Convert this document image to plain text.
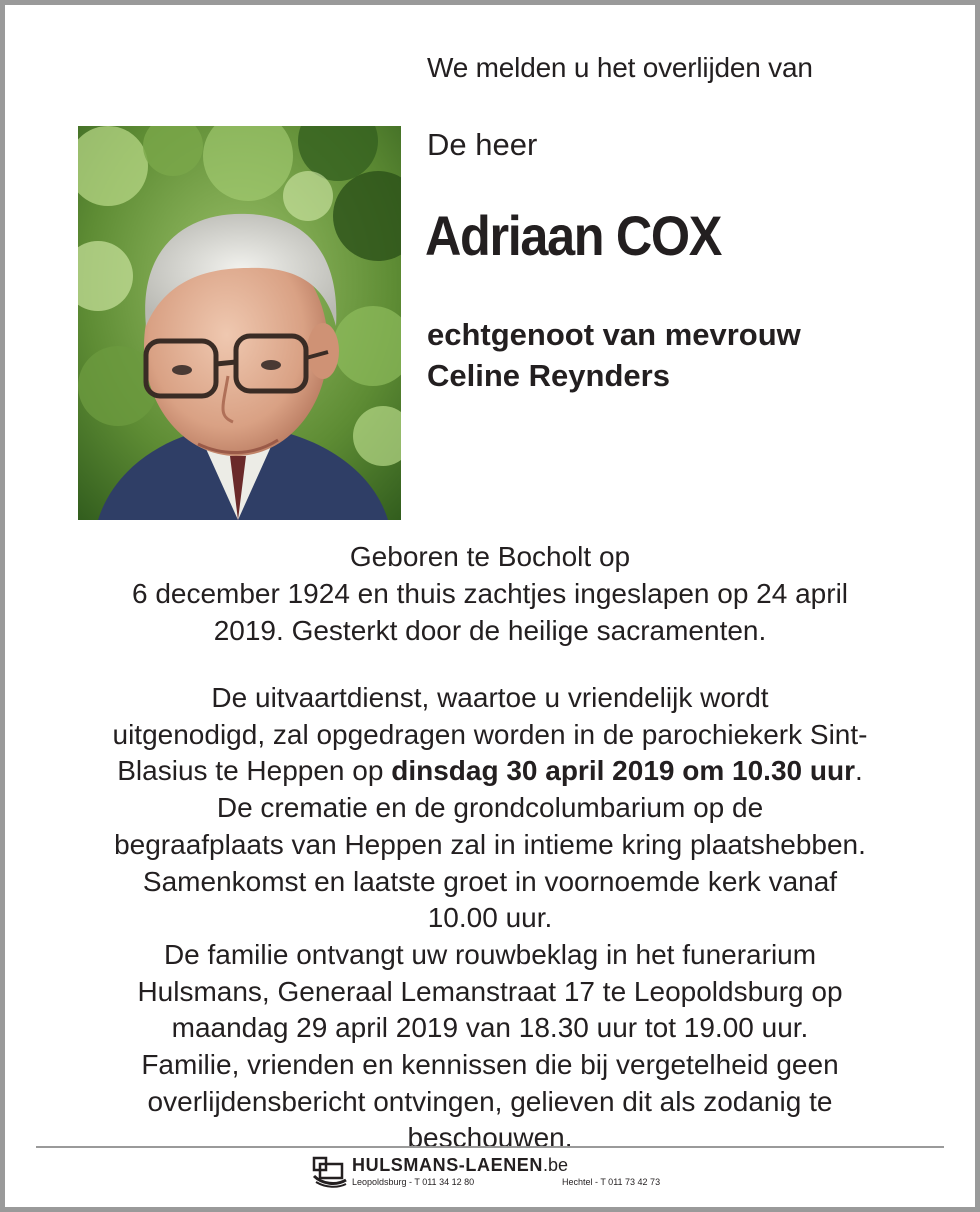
We melden u het overlijden van
De heer
Adriaan COX
echtgenoot van mevrouw
Celine Reynders
Geboren te Bocholt op
6 december 1924 en thuis zachtjes ingeslapen op 24 april
2019. Gesterkt door de heilige sacramenten.
De uitvaartdienst, waartoe u vriendelijk wordt
uitgenodigd, zal opgedragen worden in de parochiekerk Sint-
Blasius te Heppen op dinsdag 30 april 2019 om 10.30 uur.
De crematie en de grondcolumbarium op de
begraafplaats van Heppen zal in intieme kring plaatshebben.
Samenkomst en laatste groet in voornoemde kerk vanaf
10.00 uur.
De familie ontvangt uw rouwbeklag in het funerarium
Hulsmans, Generaal Lemanstraat 17 te Leopoldsburg op
maandag 29 april 2019 van 18.30 uur tot 19.00 uur.
Familie, vrienden en kennissen die bij vergetelheid geen
overlijdensbericht ontvingen, gelieven dit als zodanig te
beschouwen.
HULSMANS-LAENEN.be
Leopoldsburg - T 011 34 12 80	Hechtel - T 011 73 42 73
